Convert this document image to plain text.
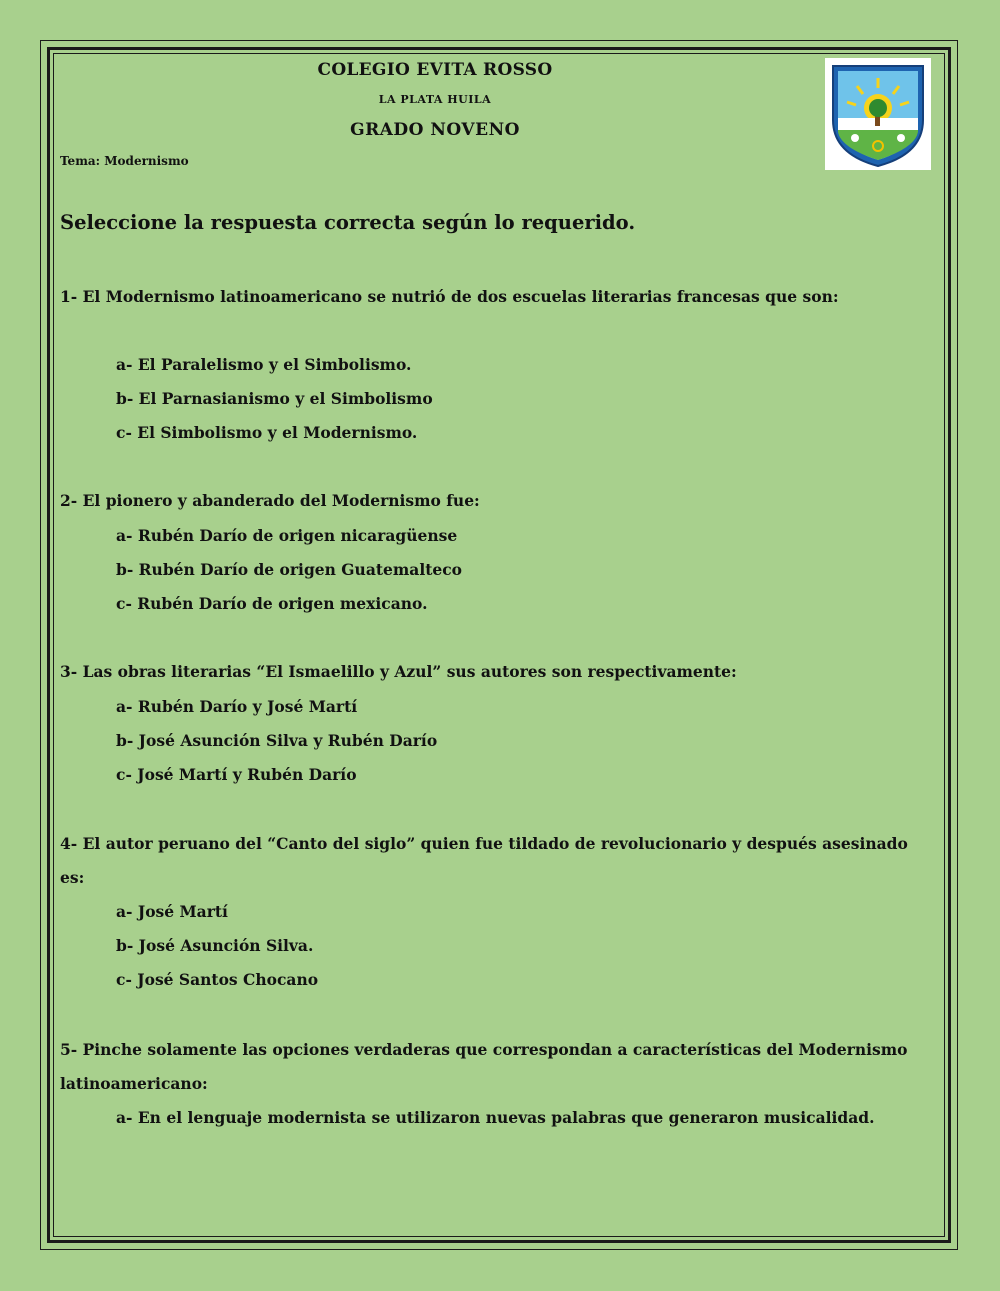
COLEGIO EVITA ROSSO
LA PLATA HUILA
GRADO NOVENO
Tema: Modernismo
Seleccione la respuesta correcta según lo requerido.
1- El Modernismo latinoamericano se nutrió de dos escuelas literarias francesas que son:
a- El Paralelismo y el Simbolismo.
b- El Parnasianismo y el Simbolismo
c- El Simbolismo y el Modernismo.
2- El pionero y abanderado del Modernismo fue:
a- Rubén Darío de origen nicaragüense
b- Rubén Darío de origen Guatemalteco
c- Rubén Darío de origen mexicano.
3- Las obras literarias “El Ismaelillo y Azul” sus autores son respectivamente:
a- Rubén Darío y José Martí
b- José Asunción Silva y Rubén Darío
c- José Martí y Rubén Darío
4- El autor peruano del “Canto del siglo” quien fue tildado de revolucionario y después asesinado es:
a- José Martí
b- José Asunción Silva.
c- José Santos Chocano
5- Pinche solamente las opciones verdaderas que correspondan a características del Modernismo latinoamericano:
a- En el lenguaje modernista se utilizaron nuevas palabras que generaron musicalidad.
